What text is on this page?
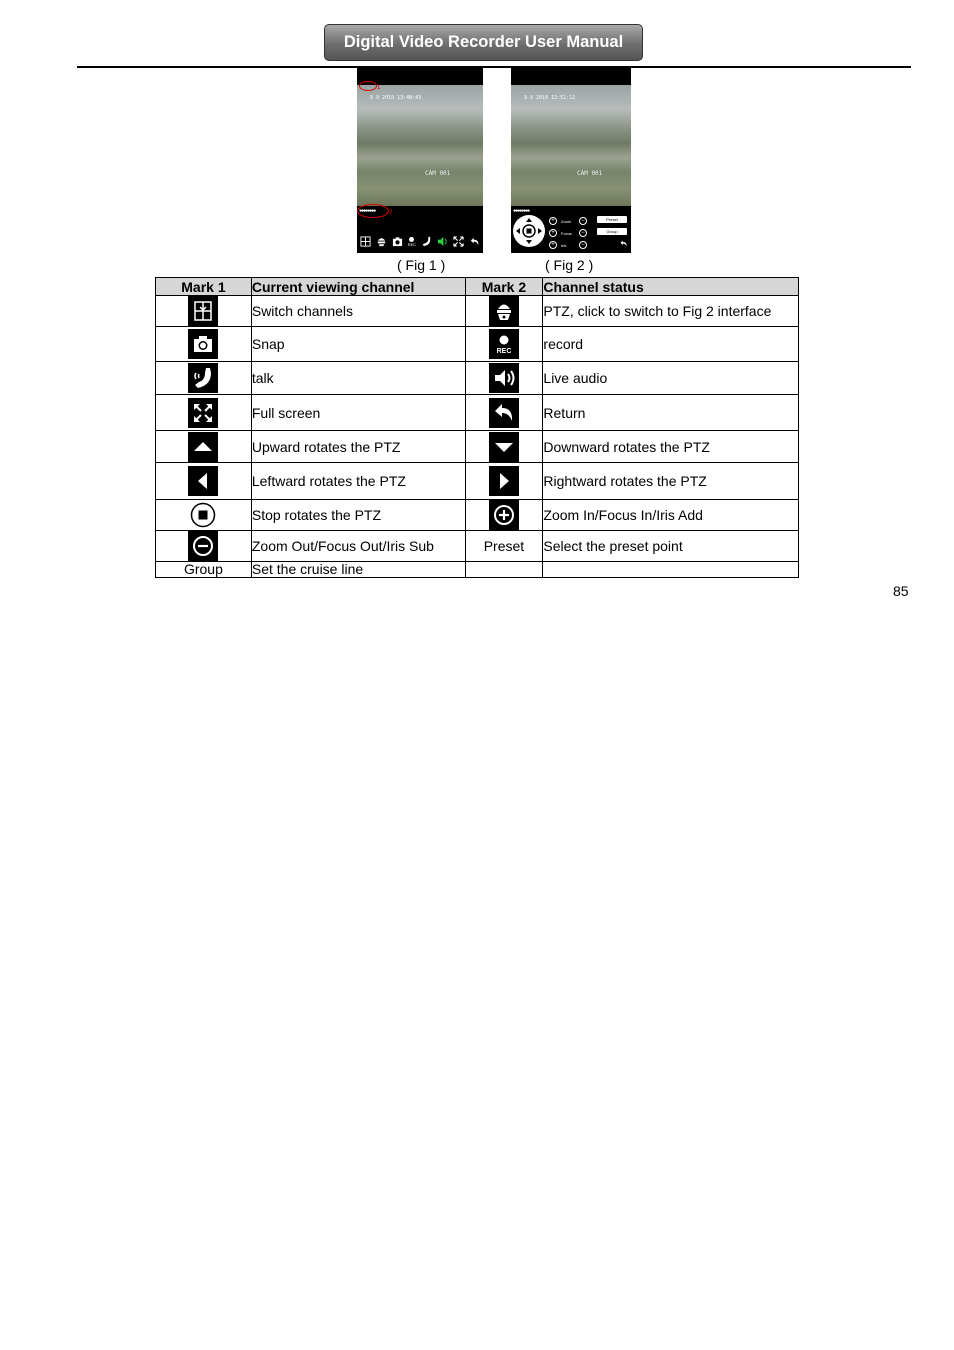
Digital Video Recorder User Manual
1
9 9 2010 13:48:43
CAM 001
●●●●●●●● 2
REC
9 9 2010 13:51:12
CAM 001
●●●●●●●●
+	Zoom	−
+	Focus	−
+	Iris	−
Preset
Group
( Fig 1 )	( Fig 2 )
Mark 1	Current viewing channel	Mark 2	Channel status

	Switch channels		PTZ, click to switch to Fig 2 interface

	Snap	REC	record

	talk		Live audio

	Full screen		Return

	Upward rotates the PTZ		Downward rotates the PTZ

	Leftward rotates the PTZ		Rightward rotates the PTZ

	Stop rotates the PTZ		Zoom In/Focus In/Iris Add

	Zoom Out/Focus Out/Iris Sub	Preset	Select the preset point
Group	Set the cruise line		
85
